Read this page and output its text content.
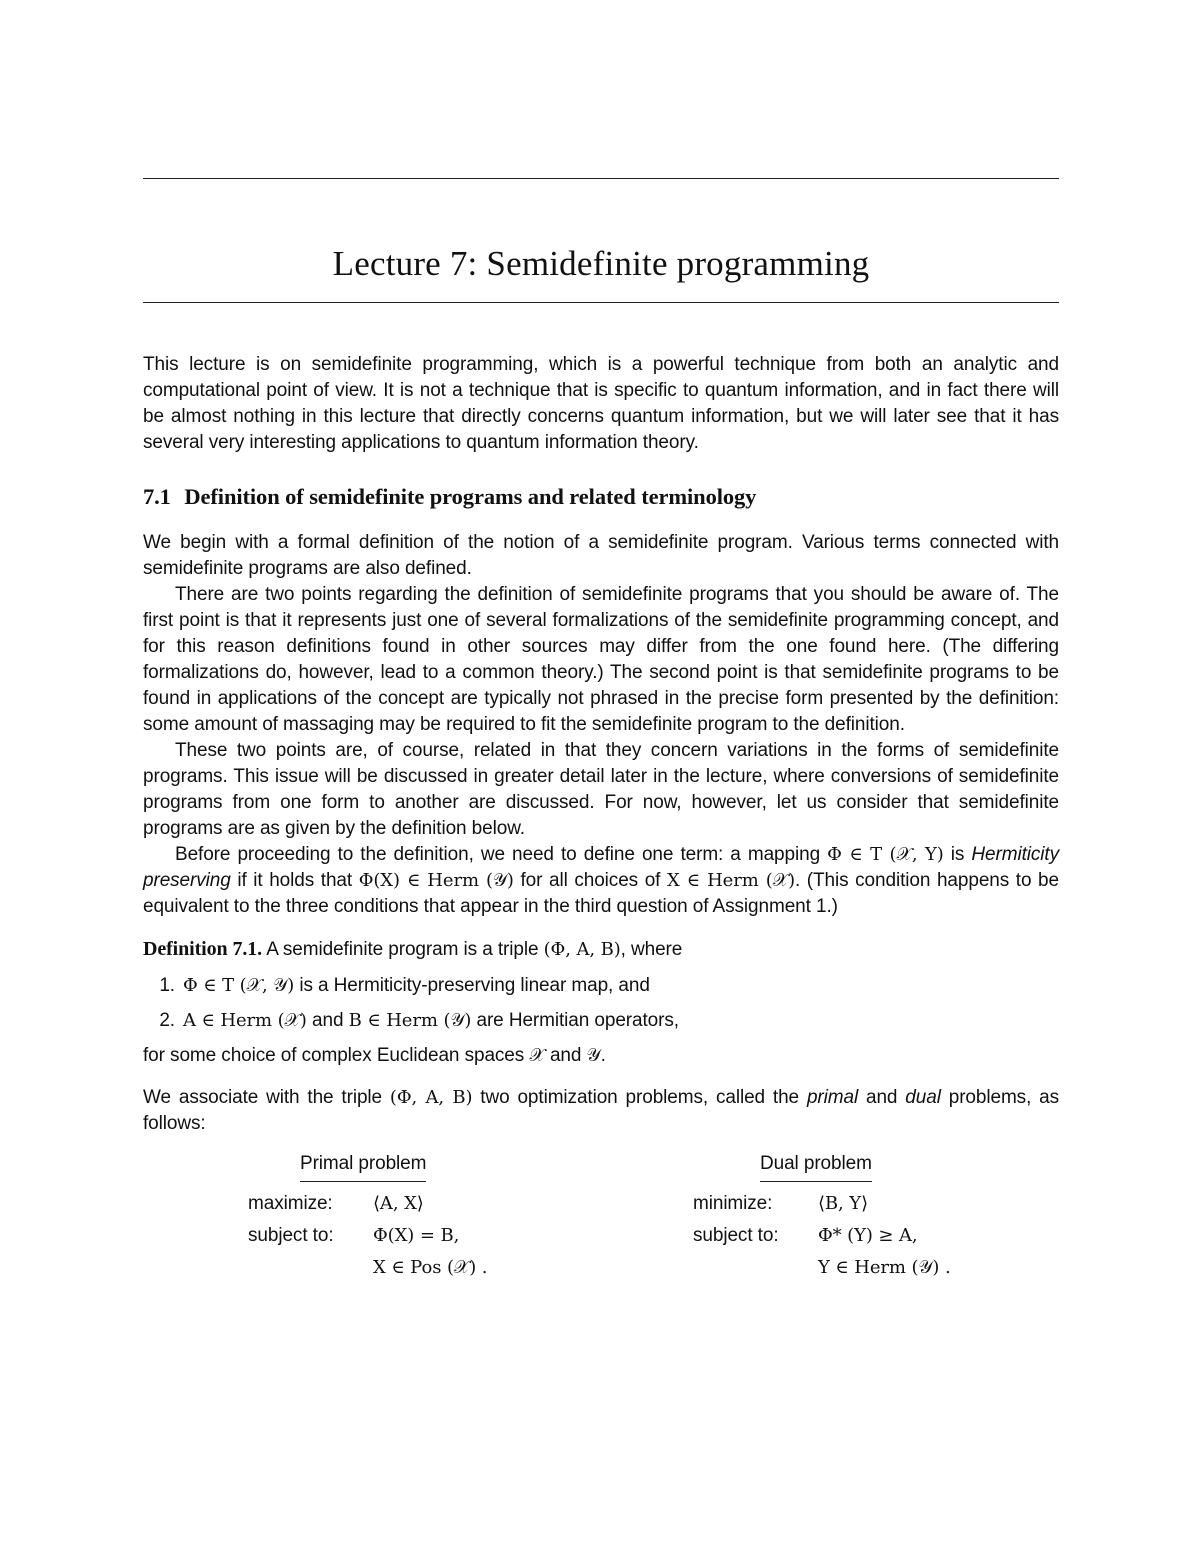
Lecture 7: Semidefinite programming

This lecture is on semidefinite programming, which is a powerful technique from both an analytic and computational point of view. It is not a technique that is specific to quantum information, and in fact there will be almost nothing in this lecture that directly concerns quantum information, but we will later see that it has several very interesting applications to quantum information theory.

7.1 Definition of semidefinite programs and related terminology

We begin with a formal definition of the notion of a semidefinite program. Various terms connected with semidefinite programs are also defined.

There are two points regarding the definition of semidefinite programs that you should be aware of. The first point is that it represents just one of several formalizations of the semidefinite programming concept, and for this reason definitions found in other sources may differ from the one found here. (The differing formalizations do, however, lead to a common theory.) The second point is that semidefinite programs to be found in applications of the concept are typically not phrased in the precise form presented by the definition: some amount of massaging may be required to fit the semidefinite program to the definition.

These two points are, of course, related in that they concern variations in the forms of semidefinite programs. This issue will be discussed in greater detail later in the lecture, where conversions of semidefinite programs from one form to another are discussed. For now, however, let us consider that semidefinite programs are as given by the definition below.

Before proceeding to the definition, we need to define one term: a mapping Φ ∈ T (𝒳, Y) is Hermiticity preserving if it holds that Φ(X) ∈ Herm (𝒴) for all choices of X ∈ Herm (𝒳). (This condition happens to be equivalent to the three conditions that appear in the third question of Assignment 1.)

Definition 7.1. A semidefinite program is a triple (Φ, A, B), where

1. Φ ∈ T (𝒳, 𝒴) is a Hermiticity-preserving linear map, and
2. A ∈ Herm (𝒳) and B ∈ Herm (𝒴) are Hermitian operators,

for some choice of complex Euclidean spaces 𝒳 and 𝒴.

We associate with the triple (Φ, A, B) two optimization problems, called the primal and dual problems, as follows:

Primal problem
maximize: ⟨A, X⟩
subject to: Φ(X) = B,
X ∈ Pos (𝒳) .
Dual problem
minimize:	⟨B, Y⟩
subject to: Φ* (Y) ≥ A,
Y ∈ Herm (𝒴) .
